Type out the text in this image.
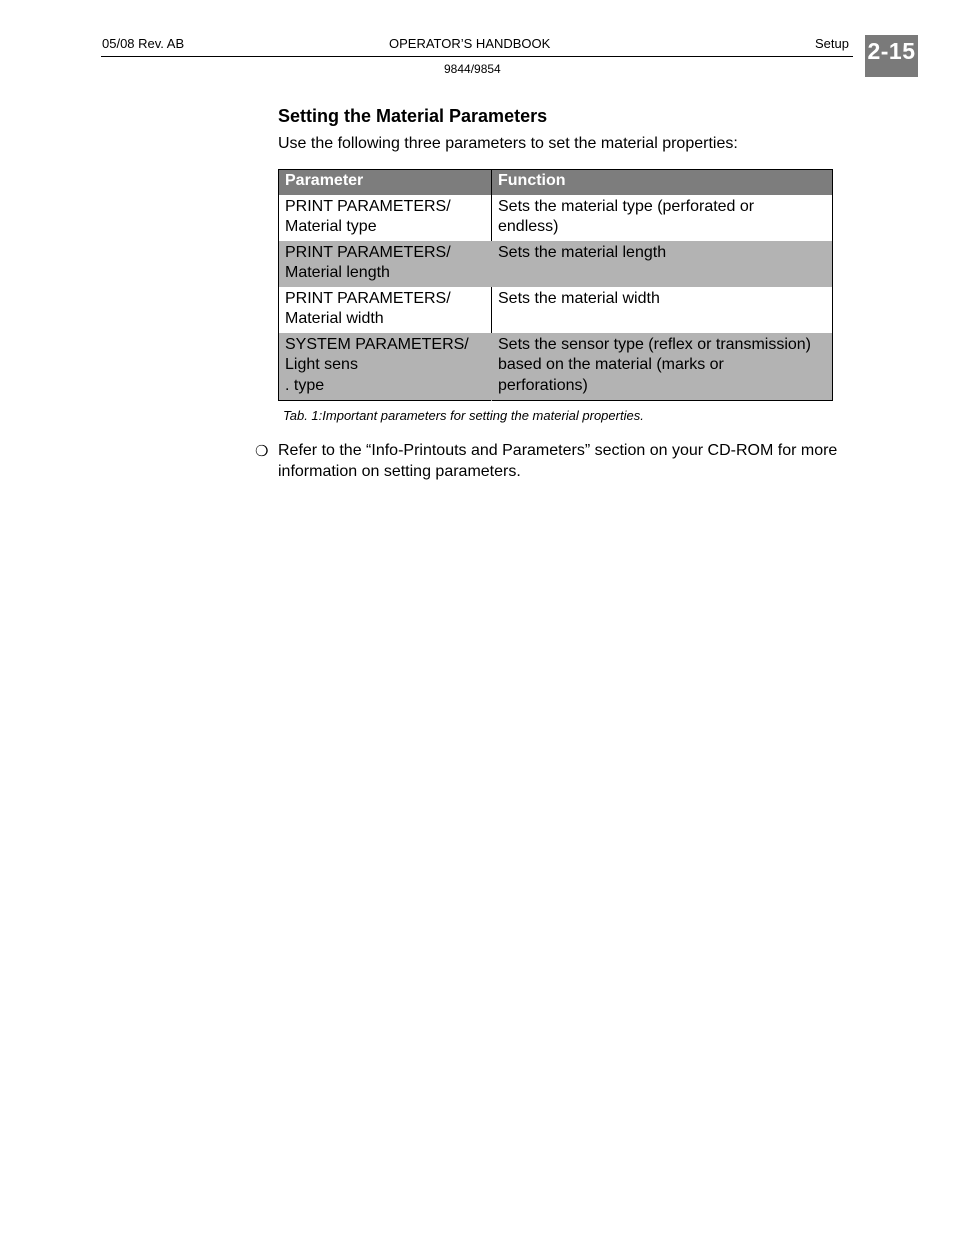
05/08 Rev. AB	OPERATOR’S HANDBOOK	Setup
9844/9854
2-15
Setting the Material Parameters
Use the following three parameters to set the material properties:
Parameter	Function
PRINT PARAMETERS/
Material type	Sets the material type (perforated or
endless)
PRINT PARAMETERS/
Material length	Sets the material length
PRINT PARAMETERS/
Material width	Sets the material width
SYSTEM PARAMETERS/
Light sens
. type	Sets the sensor type (reflex or transmission)
based on the material (marks or
perforations)
Tab. 1:Important parameters for setting the material properties.
❍ Refer to the “Info-Printouts and Parameters” section on your CD-ROM for more information on setting parameters.
